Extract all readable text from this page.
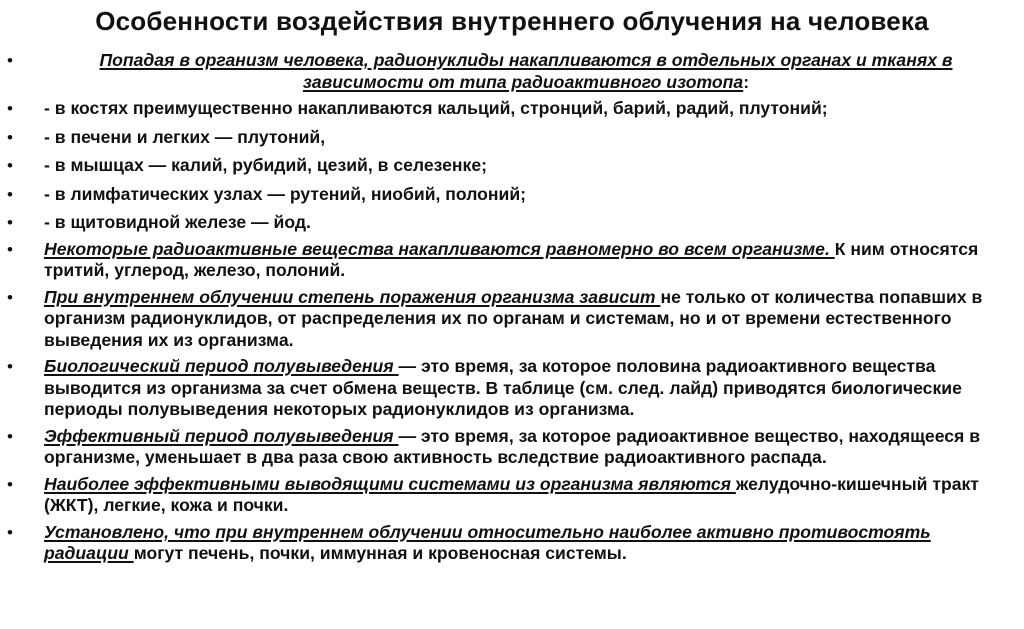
Особенности воздействия внутреннего облучения на человека
•	Попадая в организм человека, радионуклиды накапливаются в отдельных органах и тканях в зависимости от типа радиоактивного изотопа:
• - в костях преимущественно накапливаются кальций, стронций, барий, радий, плутоний;
• - в печени и легких — плутоний,
• - в мышцах — калий, рубидий, цезий, в селезенке;
• - в лимфатических узлах — рутений, ниобий, полоний;
• - в щитовидной железе — йод.
• Некоторые радиоактивные вещества накапливаются равномерно во всем организме. К ним относятся тритий, углерод, железо, полоний.
• При внутреннем облучении степень поражения организма зависит не только от количества попавших в организм радионуклидов, от распределения их по органам и системам, но и от времени естественного выведения их из организма.
• Биологический период полувыведения — это время, за которое половина радиоактивного вещества выводится из организма за счет обмена веществ. В таблице (см. след. лайд) приводятся биологические периоды полувыведения некоторых радионуклидов из организма.
• Эффективный период полувыведения — это время, за которое радиоактивное вещество, находящееся в организме, уменьшает в два раза свою активность вследствие радиоактивного распада.
• Наиболее эффективными выводящими системами из организма являются желудочно-кишечный тракт (ЖКТ), легкие, кожа и почки.
• Установлено, что при внутреннем облучении относительно наиболее активно противостоять радиации могут печень, почки, иммунная и кровеносная системы.
